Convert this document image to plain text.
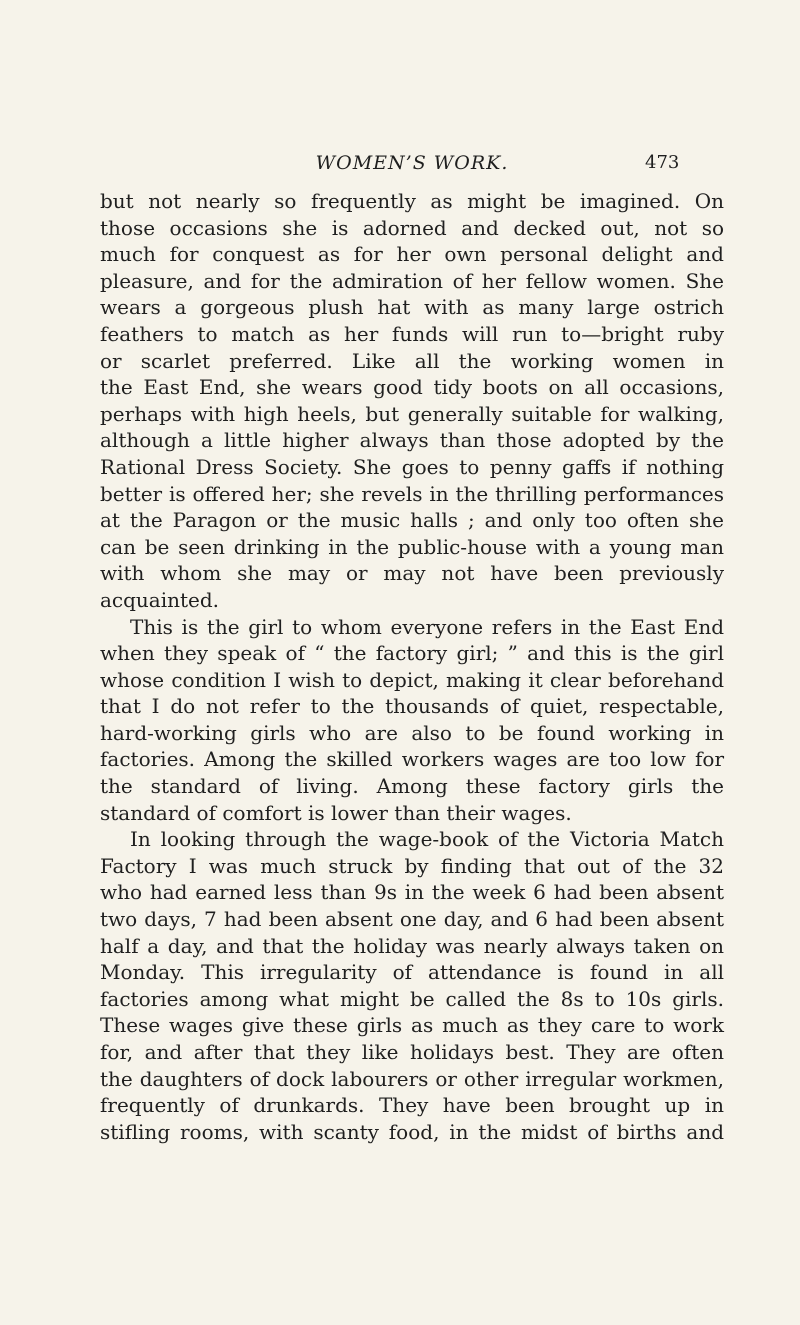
WOMEN’S WORK.	473
but not nearly so frequently as might be imagined. On
those occasions she is adorned and decked out, not so
much for conquest as for her own personal delight and
pleasure, and for the admiration of her fellow women. She
wears a gorgeous plush hat with as many large ostrich
feathers to match as her funds will run to—bright ruby
or scarlet preferred. Like all the working women in
the East End, she wears good tidy boots on all occasions,
perhaps with high heels, but generally suitable for walking,
although a little higher always than those adopted by the
Rational Dress Society. She goes to penny gaffs if nothing
better is offered her; she revels in the thrilling performances
at the Paragon or the music halls ; and only too often she
can be seen drinking in the public-house with a young man
with whom she may or may not have been previously
acquainted.
This is the girl to whom everyone refers in the East End
when they speak of “ the factory girl; ” and this is the girl
whose condition I wish to depict, making it clear beforehand
that I do not refer to the thousands of quiet, respectable,
hard-working girls who are also to be found working in
factories. Among the skilled workers wages are too low for
the standard of living. Among these factory girls the
standard of comfort is lower than their wages.
In looking through the wage-book of the Victoria Match
Factory I was much struck by finding that out of the 32
who had earned less than 9s in the week 6 had been absent
two days, 7 had been absent one day, and 6 had been absent
half a day, and that the holiday was nearly always taken on
Monday. This irregularity of attendance is found in all
factories among what might be called the 8s to 10s girls.
These wages give these girls as much as they care to work
for, and after that they like holidays best. They are often
the daughters of dock labourers or other irregular workmen,
frequently of drunkards. They have been brought up in
stifling rooms, with scanty food, in the midst of births and
